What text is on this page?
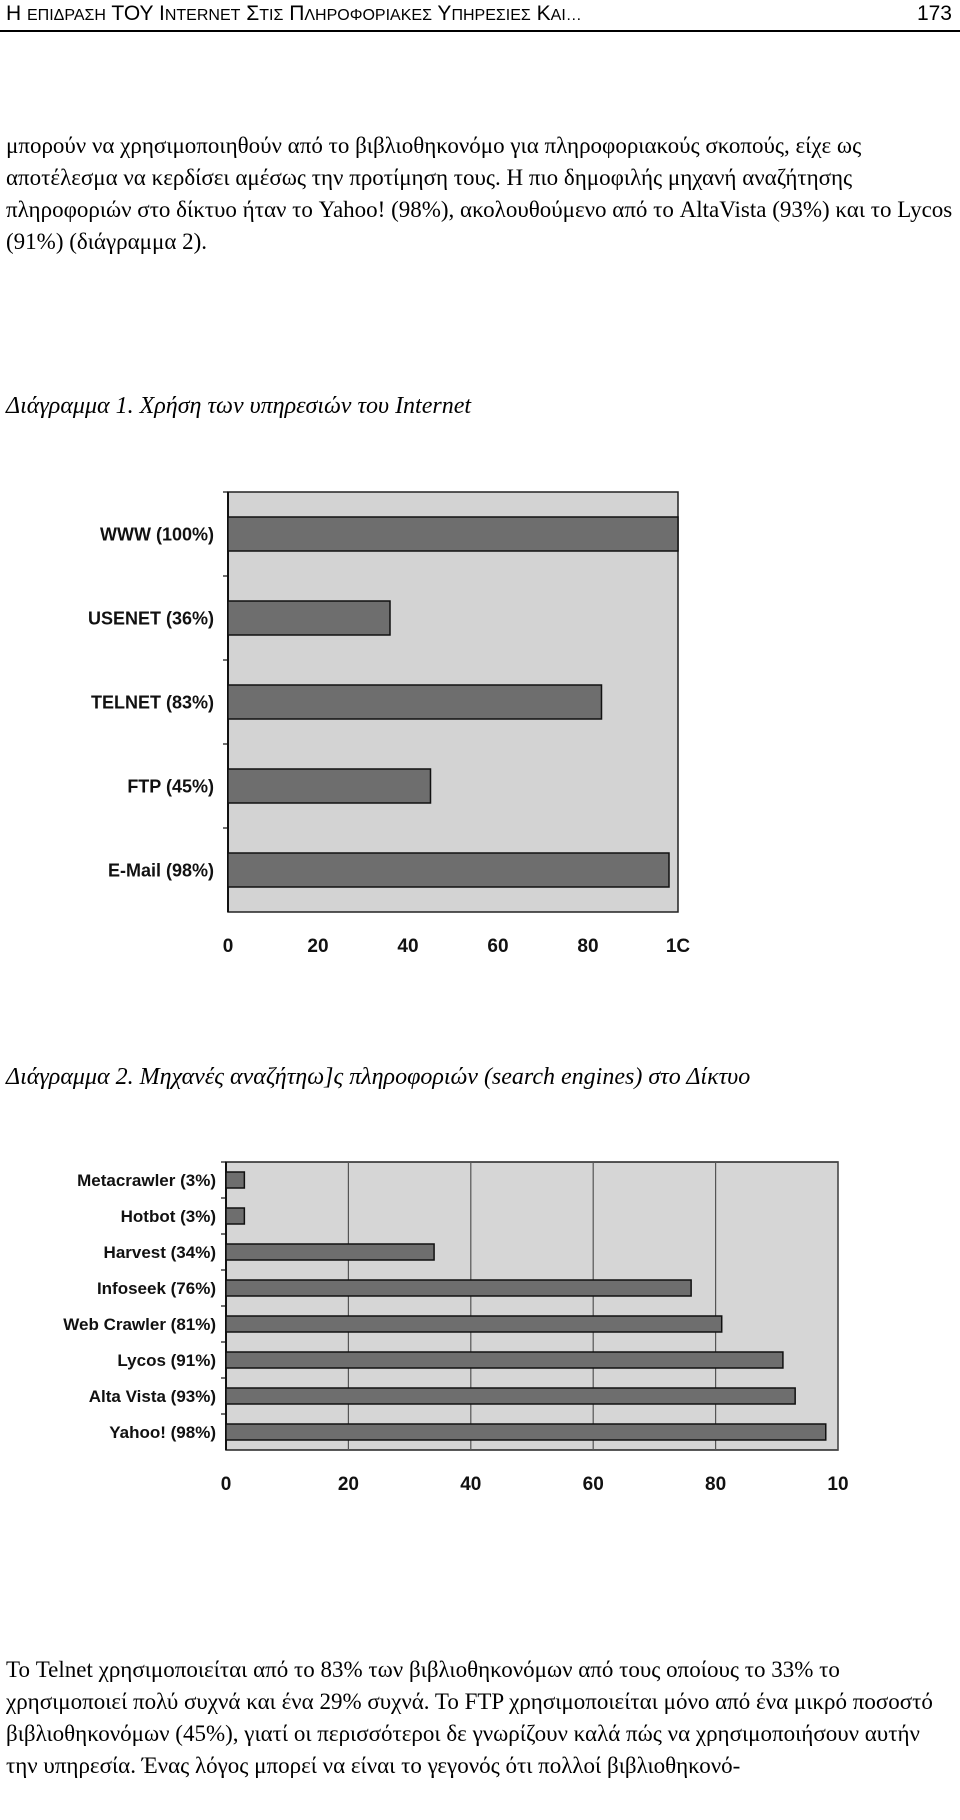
Η ΕΠΙΔΡΑΣΗ ΤΟΥ ΙNTERNET ΣΤΙΣ ΠΛΗΡΟΦΟΡΙΑΚΕΣ ΥΠΗΡΕΣΙΕΣ ΚΑΙ…	173
μπορούν να χρησιμοποιηθούν από το βιβλιοθηκονόμο για πληροφοριακούς σκοπούς, είχε ως αποτέλεσμα να κερδίσει αμέσως την προτίμηση τους. Η πιο δημοφιλής μηχανή αναζήτησης πληροφοριών στο δίκτυο ήταν το Yahoo! (98%), ακολουθούμενο από το AltaVista (93%) και το Lycos (91%) (διάγραμμα 2).
Διάγραμμα 1. Χρήση των υπηρεσιών του Internet
WWW (100%)
USENET (36%)
TELNET (83%)
FTP (45%)
E-Mail (98%)
0	20	40	60	80	1C
Διάγραμμα 2. Μηχανές αναζήτηω]ς πληροφοριών (search engines) στο Δίκτυο
Metacrawler (3%)
Hotbot (3%)
Harvest (34%)
Infoseek (76%)
Web Crawler (81%)
Lycos (91%)
Alta Vista (93%)
Yahoo! (98%)
0	20	40	60	80	10
Το Telnet χρησιμοποιείται από το 83% των βιβλιοθηκονόμων από τους οποίους το 33% το χρησιμοποιεί πολύ συχνά και ένα 29% συχνά. Το FTP χρησιμοποιείται μόνο από ένα μικρό ποσοστό βιβλιοθηκονόμων (45%), γιατί οι περισσότεροι δε γνωρίζουν καλά πώς να χρησιμοποιήσουν αυτήν την υπηρεσία. Ένας λόγος μπορεί να είναι το γεγονός ότι πολλοί βιβλιοθηκονό-
